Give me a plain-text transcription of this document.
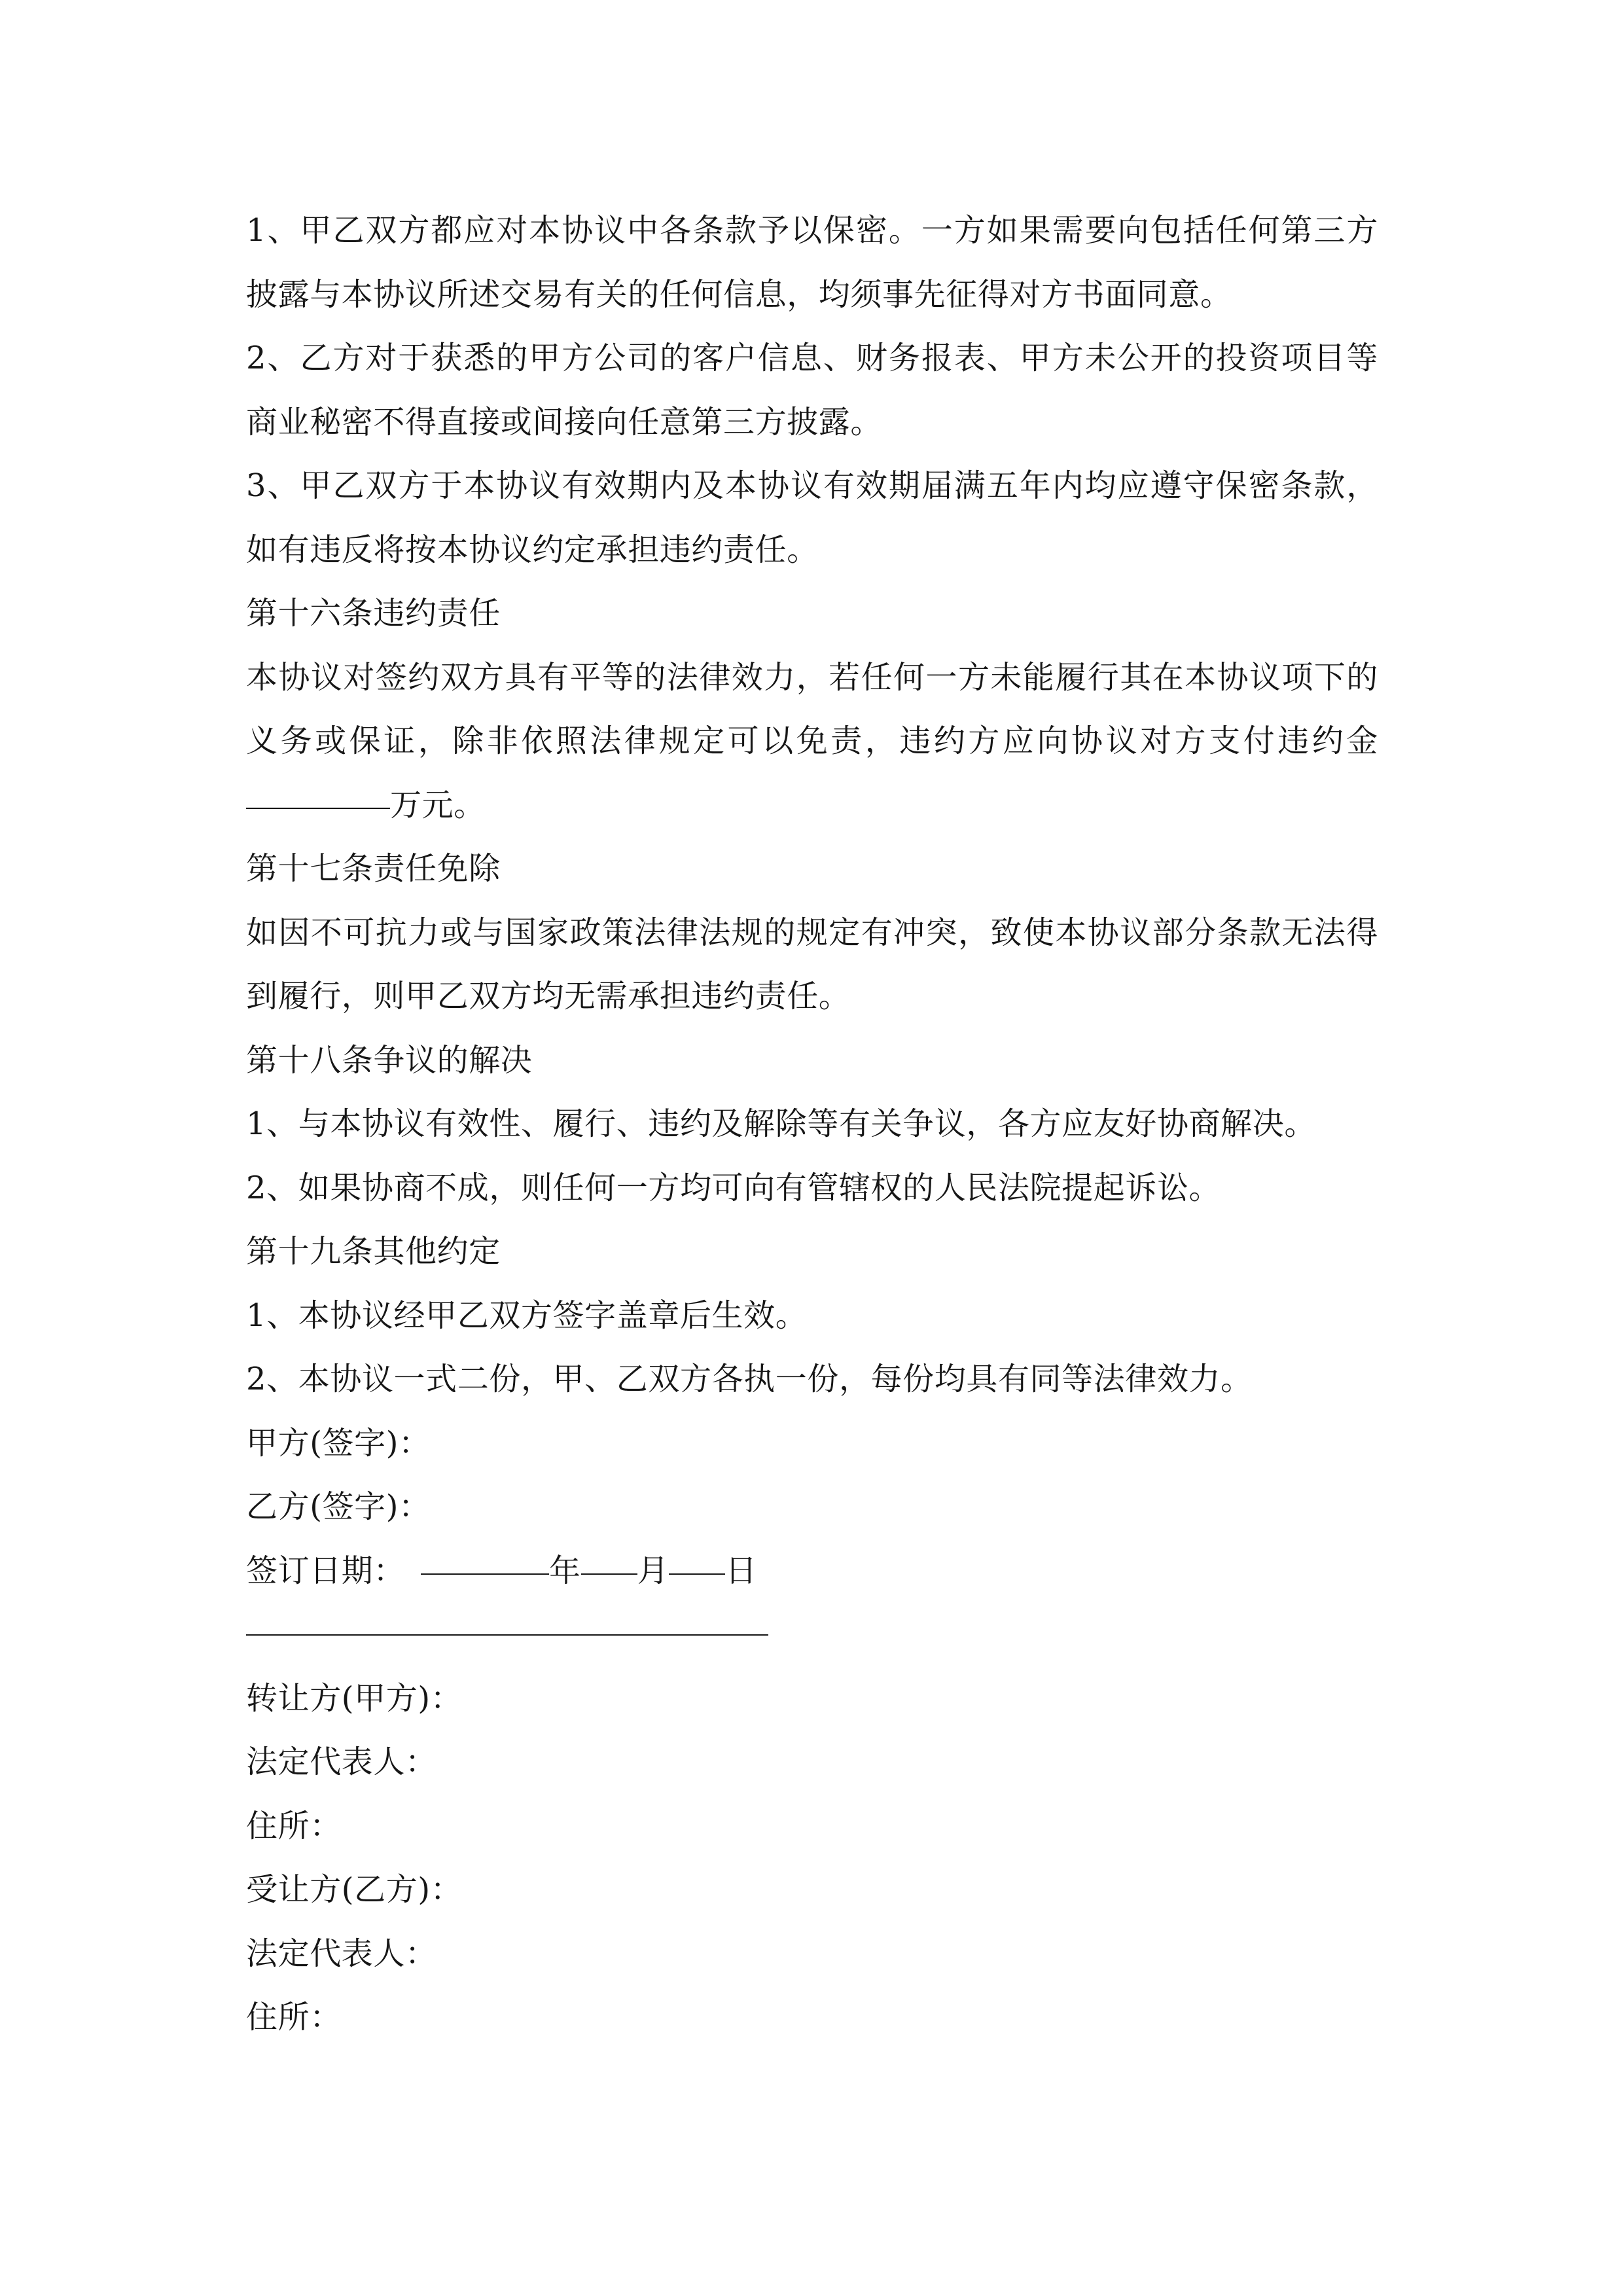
1、甲乙双方都应对本协议中各条款予以保密。一方如果需要向包括任何第三方
披露与本协议所述交易有关的任何信息，均须事先征得对方书面同意。
2、乙方对于获悉的甲方公司的客户信息、财务报表、甲方未公开的投资项目等
商业秘密不得直接或间接向任意第三方披露。
3、甲乙双方于本协议有效期内及本协议有效期届满五年内均应遵守保密条款，
如有违反将按本协议约定承担违约责任。
第十六条违约责任
本协议对签约双方具有平等的法律效力，若任何一方未能履行其在本协议项下的
义务或保证，除非依照法律规定可以免责，违约方应向协议对方支付违约金
万元。
第十七条责任免除
如因不可抗力或与国家政策法律法规的规定有冲突，致使本协议部分条款无法得
到履行，则甲乙双方均无需承担违约责任。
第十八条争议的解决
1、与本协议有效性、履行、违约及解除等有关争议，各方应友好协商解决。
2、如果协商不成，则任何一方均可向有管辖权的人民法院提起诉讼。
第十九条其他约定
1、本协议经甲乙双方签字盖章后生效。
2、本协议一式二份，甲、乙双方各执一份，每份均具有同等法律效力。
甲方(签字)：
乙方(签字)：
签订日期：	年 月 日
转让方(甲方)：
法定代表人：
住所：
受让方(乙方)：
法定代表人：
住所：
